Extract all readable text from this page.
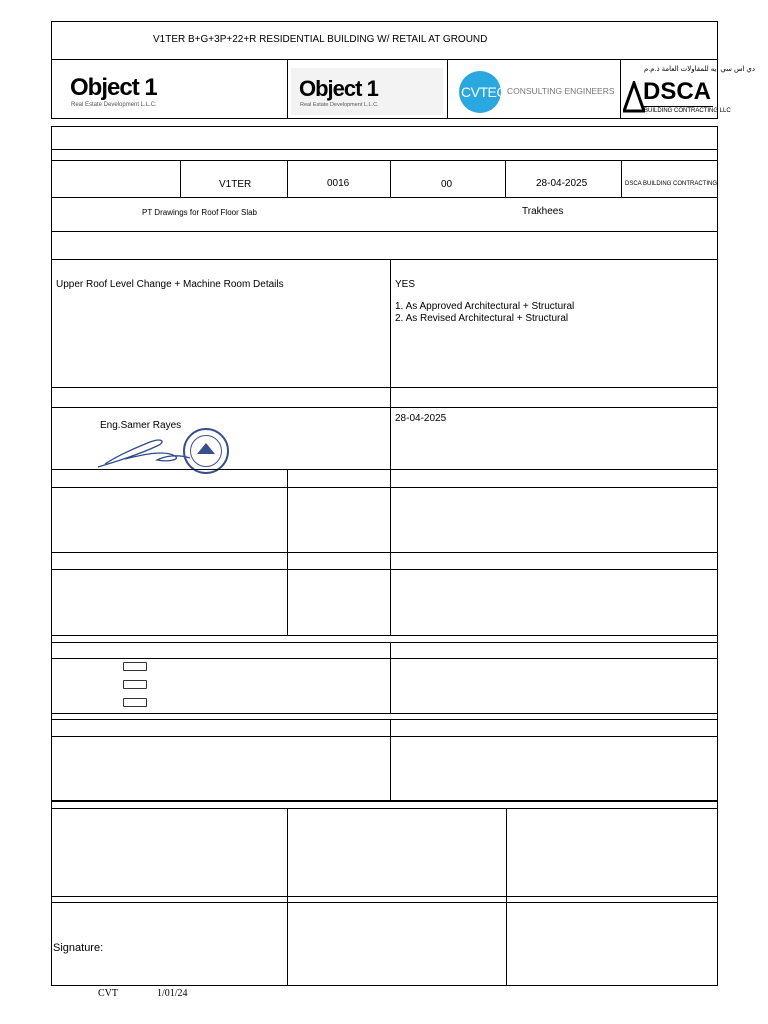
V1TER B+G+3P+22+R RESIDENTIAL BUILDING W/ RETAIL AT GROUND
Object 1
Real Estate Development L.L.C.
Object 1
Real Estate Development L.L.C.
CVTEC CONSULTING ENGINEERS
دي اس سي ايه للمقاولات العامة ذ.م.م
DSCA
BUILDING CONTRACTING LLC
V1TER	0016	00	28-04-2025	DSCA BUILDING CONTRACTING
PT Drawings for Roof Floor Slab	Trakhees
Upper Roof Level Change + Machine Room Details	YES
1. As Approved Architectural + Structural
2. As Revised Architectural + Structural
Eng.Samer Rayes
28-04-2025
Signature:
CVT	1/01/24
